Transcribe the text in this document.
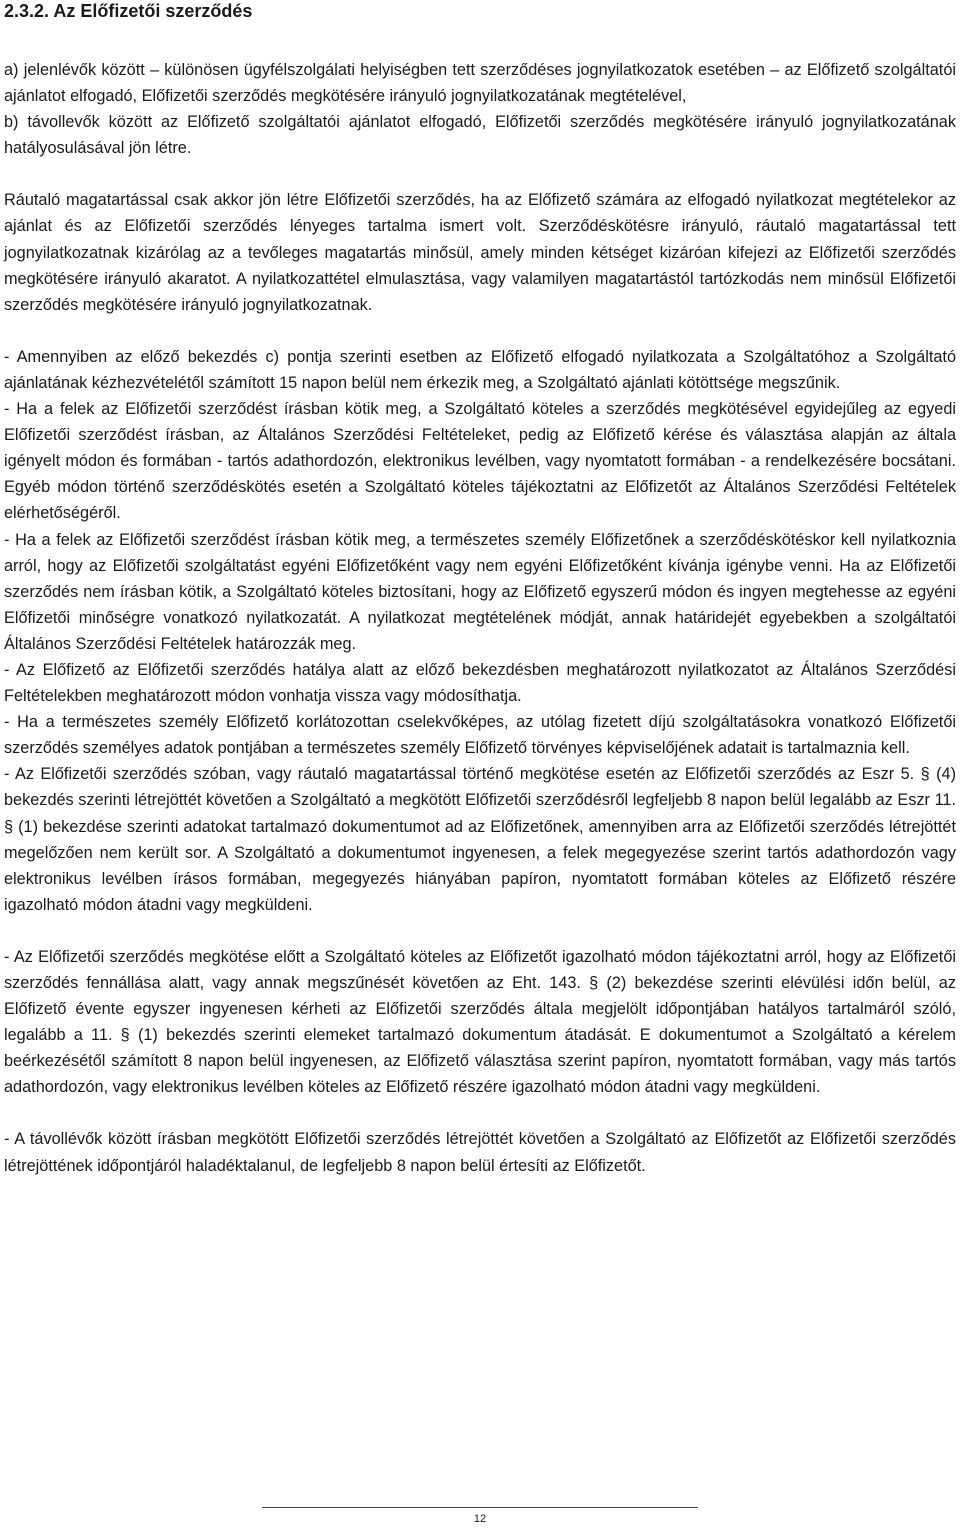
2.3.2. Az Előfizetői szerződés

a) jelenlévők között – különösen ügyfélszolgálati helyiségben tett szerződéses jognyilatkozatok esetében – az Előfizető szolgáltatói ajánlatot elfogadó, Előfizetői szerződés megkötésére irányuló jognyilatkozatának megtételével,

b) távollevők között az Előfizető szolgáltatói ajánlatot elfogadó, Előfizetői szerződés megkötésére irányuló jognyilatkozatának hatályosulásával jön létre.

Ráutaló magatartással csak akkor jön létre Előfizetői szerződés, ha az Előfizető számára az elfogadó nyilatkozat megtételekor az ajánlat és az Előfizetői szerződés lényeges tartalma ismert volt. Szerződéskötésre irányuló, ráutaló magatartással tett jognyilatkozatnak kizárólag az a tevőleges magatartás minősül, amely minden kétséget kizáróan kifejezi az Előfizetői szerződés megkötésére irányuló akaratot. A nyilatkozattétel elmulasztása, vagy valamilyen magatartástól tartózkodás nem minősül Előfizetői szerződés megkötésére irányuló jognyilatkozatnak.

- Amennyiben az előző bekezdés c) pontja szerinti esetben az Előfizető elfogadó nyilatkozata a Szolgáltatóhoz a Szolgáltató ajánlatának kézhezvételétől számított 15 napon belül nem érkezik meg, a Szolgáltató ajánlati kötöttsége megszűnik.

- Ha a felek az Előfizetői szerződést írásban kötik meg, a Szolgáltató köteles a szerződés megkötésével egyidejűleg az egyedi Előfizetői szerződést írásban, az Általános Szerződési Feltételeket, pedig az Előfizető kérése és választása alapján az általa igényelt módon és formában - tartós adathordozón, elektronikus levélben, vagy nyomtatott formában - a rendelkezésére bocsátani. Egyéb módon történő szerződéskötés esetén a Szolgáltató köteles tájékoztatni az Előfizetőt az Általános Szerződési Feltételek elérhetőségéről.

- Ha a felek az Előfizetői szerződést írásban kötik meg, a természetes személy Előfizetőnek a szerződéskötéskor kell nyilatkoznia arról, hogy az Előfizetői szolgáltatást egyéni Előfizetőként vagy nem egyéni Előfizetőként kívánja igénybe venni. Ha az Előfizetői szerződés nem írásban kötik, a Szolgáltató köteles biztosítani, hogy az Előfizető egyszerű módon és ingyen megtehesse az egyéni Előfizetői minőségre vonatkozó nyilatkozatát. A nyilatkozat megtételének módját, annak határidejét egyebekben a szolgáltatói Általános Szerződési Feltételek határozzák meg.

- Az Előfizető az Előfizetői szerződés hatálya alatt az előző bekezdésben meghatározott nyilatkozatot az Általános Szerződési Feltételekben meghatározott módon vonhatja vissza vagy módosíthatja.

- Ha a természetes személy Előfizető korlátozottan cselekvőképes, az utólag fizetett díjú szolgáltatásokra vonatkozó Előfizetői szerződés személyes adatok pontjában a természetes személy Előfizető törvényes képviselőjének adatait is tartalmaznia kell.

- Az Előfizetői szerződés szóban, vagy ráutaló magatartással történő megkötése esetén az Előfizetői szerződés az Eszr 5. § (4) bekezdés szerinti létrejöttét követően a Szolgáltató a megkötött Előfizetői szerződésről legfeljebb 8 napon belül legalább az Eszr 11. § (1) bekezdése szerinti adatokat tartalmazó dokumentumot ad az Előfizetőnek, amennyiben arra az Előfizetői szerződés létrejöttét megelőzően nem került sor. A Szolgáltató a dokumentumot ingyenesen, a felek megegyezése szerint tartós adathordozón vagy elektronikus levélben írásos formában, megegyezés hiányában papíron, nyomtatott formában köteles az Előfizető részére igazolható módon átadni vagy megküldeni.

- Az Előfizetői szerződés megkötése előtt a Szolgáltató köteles az Előfizetőt igazolható módon tájékoztatni arról, hogy az Előfizetői szerződés fennállása alatt, vagy annak megszűnését követően az Eht. 143. § (2) bekezdése szerinti elévülési időn belül, az Előfizető évente egyszer ingyenesen kérheti az Előfizetői szerződés általa megjelölt időpontjában hatályos tartalmáról szóló, legalább a 11. § (1) bekezdés szerinti elemeket tartalmazó dokumentum átadását. E dokumentumot a Szolgáltató a kérelem beérkezésétől számított 8 napon belül ingyenesen, az Előfizető választása szerint papíron, nyomtatott formában, vagy más tartós adathordozón, vagy elektronikus levélben köteles az Előfizető részére igazolható módon átadni vagy megküldeni.

- A távollévők között írásban megkötött Előfizetői szerződés létrejöttét követően a Szolgáltató az Előfizetőt az Előfizetői szerződés létrejöttének időpontjáról haladéktalanul, de legfeljebb 8 napon belül értesíti az Előfizetőt.

12
